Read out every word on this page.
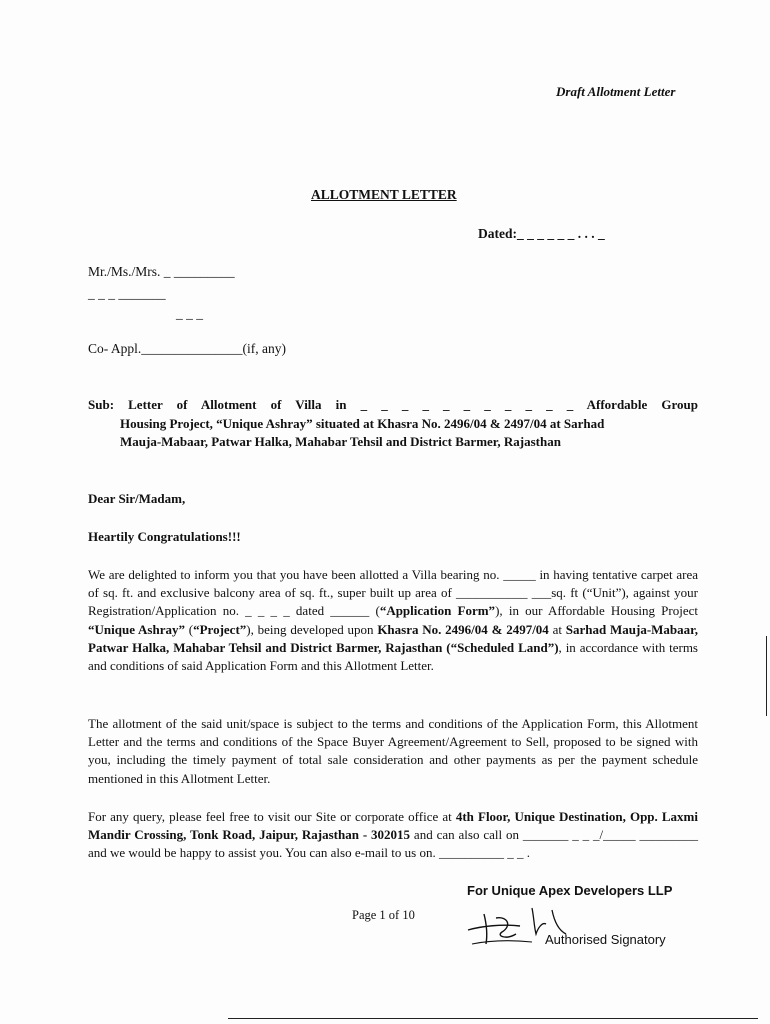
Draft Allotment Letter
ALLOTMENT LETTER
Dated:_ _ _ _ _ _ . . . _
Mr./Ms./Mrs. _ _________
_ _ _ _______
_ _ _
Co- Appl._______________(if, any)
Sub: Letter of Allotment of Villa in _ _ _ _ _ _ _ _ _ _ _ Affordable Group
Housing Project, “Unique Ashray” situated at Khasra No. 2496/04 & 2497/04 at Sarhad
Mauja-Mabaar, Patwar Halka, Mahabar Tehsil and District Barmer, Rajasthan
Dear Sir/Madam,
Heartily Congratulations!!!
We are delighted to inform you that you have been allotted a Villa bearing no. _____ in having tentative carpet area of sq. ft. and exclusive balcony area of sq. ft., super built up area of ___________ ___sq. ft (“Unit”), against your Registration/Application no. _ _ _ _ dated ______ (“Application Form”), in our Affordable Housing Project “Unique Ashray” (“Project”), being developed upon Khasra No. 2496/04 & 2497/04 at Sarhad Mauja-Mabaar, Patwar Halka, Mahabar Tehsil and District Barmer, Rajasthan (“Scheduled Land”), in accordance with terms and conditions of said Application Form and this Allotment Letter.
The allotment of the said unit/space is subject to the terms and conditions of the Application Form, this Allotment Letter and the terms and conditions of the Space Buyer Agreement/Agreement to Sell, proposed to be signed with you, including the timely payment of total sale consideration and other payments as per the payment schedule mentioned in this Allotment Letter.
For any query, please feel free to visit our Site or corporate office at 4th Floor, Unique Destination, Opp. Laxmi Mandir Crossing, Tonk Road, Jaipur, Rajasthan - 302015 and can also call on _______ _ _ _/_____ _________ and we would be happy to assist you. You can also e-mail to us on. __________ _ _ .
For Unique Apex Developers LLP
Page 1 of 10
Authorised Signatory
